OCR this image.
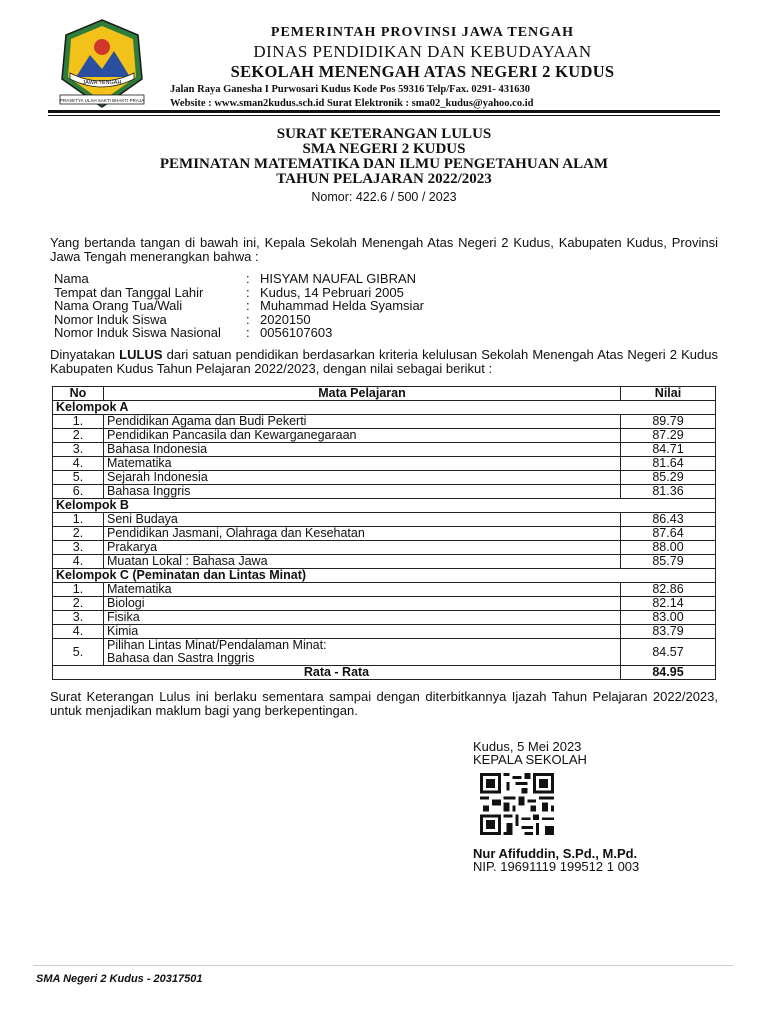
JAWA TENGAH
PRASETYA ULAH SAKTI BHAKTI PRAJA
PEMERINTAH PROVINSI JAWA TENGAH
DINAS PENDIDIKAN DAN KEBUDAYAAN
SEKOLAH MENENGAH ATAS NEGERI 2 KUDUS
Jalan Raya Ganesha I Purwosari Kudus Kode Pos 59316 Telp/Fax. 0291- 431630
Website : www.sman2kudus.sch.id Surat Elektronik : sma02_kudus@yahoo.co.id
SURAT KETERANGAN LULUS
SMA NEGERI 2 KUDUS
PEMINATAN MATEMATIKA DAN ILMU PENGETAHUAN ALAM
TAHUN PELAJARAN 2022/2023
Nomor: 422.6 / 500 / 2023
Yang bertanda tangan di bawah ini, Kepala Sekolah Menengah Atas Negeri 2 Kudus, Kabupaten Kudus, Provinsi Jawa Tengah menerangkan bahwa :
Nama	:	HISYAM NAUFAL GIBRAN
Tempat dan Tanggal Lahir	:	Kudus, 14 Pebruari 2005
Nama Orang Tua/Wali	:	Muhammad Helda Syamsiar
Nomor Induk Siswa	:	2020150
Nomor Induk Siswa Nasional	:	0056107603
Dinyatakan LULUS dari satuan pendidikan berdasarkan kriteria kelulusan Sekolah Menengah Atas Negeri 2 Kudus Kabupaten Kudus Tahun Pelajaran 2022/2023, dengan nilai sebagai berikut :
No	Mata Pelajaran	Nilai
Kelompok A		
1.	Pendidikan Agama dan Budi Pekerti	89.79
2.	Pendidikan Pancasila dan Kewarganegaraan	87.29
3.	Bahasa Indonesia	84.71
4.	Matematika	81.64
5.	Sejarah Indonesia	85.29
6.	Bahasa Inggris	81.36
Kelompok B		
1.	Seni Budaya	86.43
2.	Pendidikan Jasmani, Olahraga dan Kesehatan	87.64
3.	Prakarya	88.00
4.	Muatan Lokal : Bahasa Jawa	85.79
Kelompok C (Peminatan dan Lintas Minat)		
1.	Matematika	82.86
2.	Biologi	82.14
3.	Fisika	83.00
4.	Kimia	83.79
5.	Pilihan Lintas Minat/Pendalaman Minat:
Bahasa dan Sastra Inggris	84.57
Rata - Rata		84.95
Surat Keterangan Lulus ini berlaku sementara sampai dengan diterbitkannya Ijazah Tahun Pelajaran 2022/2023, untuk menjadikan maklum bagi yang berkepentingan.
Kudus, 5 Mei 2023
KEPALA SEKOLAH
Nur Afifuddin, S.Pd., M.Pd.
NIP. 19691119 199512 1 003
SMA Negeri 2 Kudus - 20317501
